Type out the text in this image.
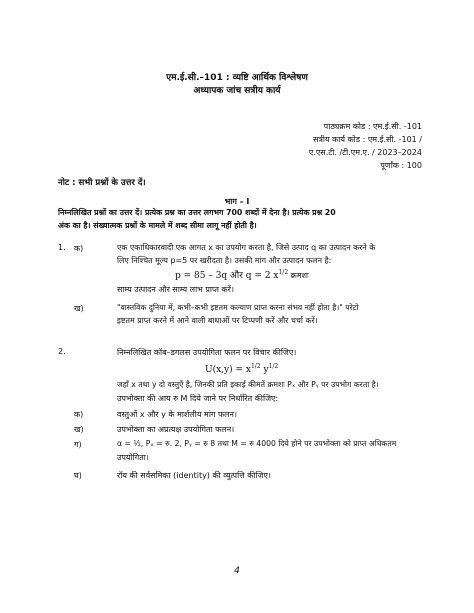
एम.ई.सी.–101 : व्यष्टि आर्थिक विश्लेषण
अध्यापक जांच सत्रीय कार्य
पाठ्यक्रम कोड : एम.ई.सी. -101
सत्रीय कार्य कोड : एम.ई.सी. -101 /
ए.एस.टी. /टी.एम.ए. / 2023–2024
पूर्णांक : 100
नोट : सभी प्रश्नों के उत्तर दें।
भाग – I
निम्नलिखित प्रश्नों का उत्तर दें। प्रत्येक प्रश्न का उत्तर लगभग 700 शब्दों में देना है। प्रत्येक प्रश्न 20
अंक का है। संख्यात्मक प्रश्नों के मामले में शब्द सीमा लागू नहीं होती है।
1. क)	एक एकाधिकारवादी एक आगत x का उपयोग करता है, जिसे उत्पाद q का उत्पादन करने के
लिए निश्चित मूल्य p=5 पर खरीदता है। उसकी मांग और उत्पादन फलन है:
p = 85 – 3q और q = 2 $x^{1/2}$ क्रमशः
साम्य उत्पादन और साम्य लाभ प्राप्त करें।
ख)	"वास्तविक दुनिया में, कभी–कभी इष्टतम कल्याण प्राप्त करना संभव नहीं होता है।" परेटो
इष्टतम प्राप्त करने में आने वाली बाधाओं पर टिप्पणी करें और चर्चा करें।
2.	निम्नलिखित कॉब–डगलस उपयोगिता फलन पर विचार कीजिए।
$U(x,y) = x^{1/2}$ $y^{1/2}$
जहाँ x तथा y दो वस्तुएँ है, जिनकी प्रति इकाई कीमतें क्रमशः Pₓ और Pᵧ पर उपभोग करता है।
उपभोक्ता की आय रु M दिये जाने पर निर्धारित कीजिए:
क)	वस्तुओं x और y के मार्शलीय मांग फलन।
ख)	उपभोक्ता का अप्रत्यक्ष उपयोगिता फलन।
ग)	α = ½, Pₓ = रु. 2, Pᵧ = रु 8 तथा M = रु 4000 दिये होने पर उपभोक्ता को प्राप्त अधिकतम
उपयोगिता।
घ)	रॉय की सर्वसमिका (identity) की व्युत्पत्ति कीजिए।
4
